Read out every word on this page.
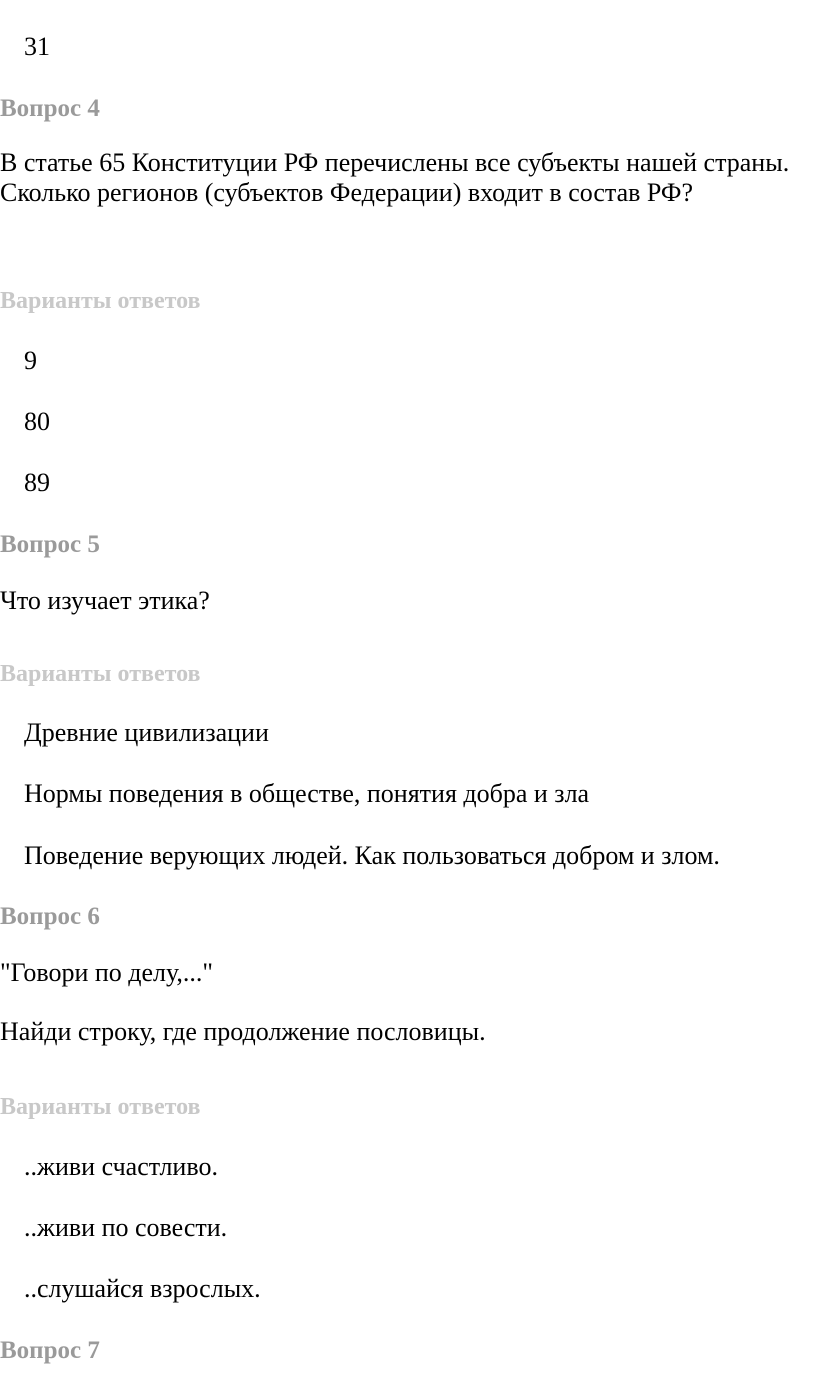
31
Вопрос 4
В статье 65 Конституции РФ перечислены все субъекты нашей страны. Сколько регионов (субъектов Федерации) входит в состав РФ?
Варианты ответов
9
80
89
Вопрос 5
Что изучает этика?
Варианты ответов
Древние цивилизации
Нормы поведения в обществе, понятия добра и зла
Поведение верующих людей. Как пользоваться добром и злом.
Вопрос 6
"Говори по делу,..."
Найди строку, где продолжение пословицы.
Варианты ответов
..живи счастливо.
..живи по совести.
..слушайся взрослых.
Вопрос 7
